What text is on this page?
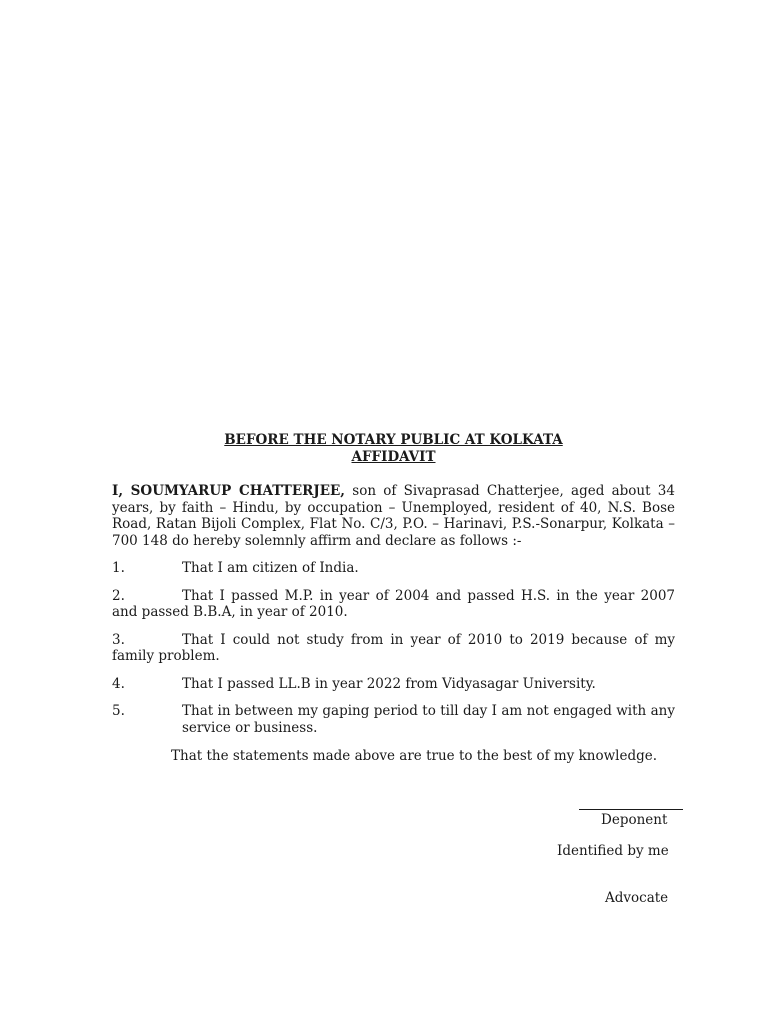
BEFORE THE NOTARY PUBLIC AT KOLKATA

AFFIDAVIT

I, SOUMYARUP CHATTERJEE, son of Sivaprasad Chatterjee, aged about 34 years, by faith – Hindu, by occupation – Unemployed, resident of 40, N.S. Bose Road, Ratan Bijoli Complex, Flat No. C/3, P.O. – Harinavi, P.S.-Sonarpur, Kolkata – 700 148 do hereby solemnly affirm and declare as follows :-
1.	That I am citizen of India.
2.	That I passed M.P. in year of 2004 and passed H.S. in the year 2007 and passed B.B.A, in year of 2010.
3.	That I could not study from in year of 2010 to 2019 because of my family problem.
4.	That I passed LL.B in year 2022 from Vidyasagar University.
5.	That in between my gaping period to till day I am not engaged with any service or business.
That the statements made above are true to the best of my knowledge.
Deponent
Identified by me
Advocate
